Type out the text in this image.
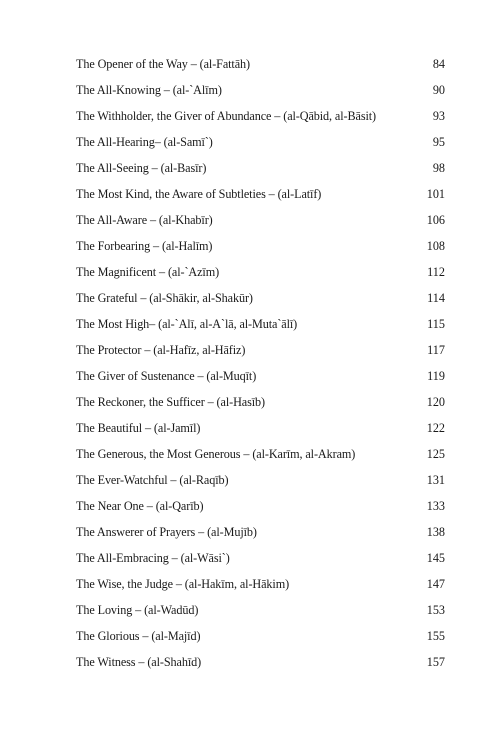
The Opener of the Way – (al-Fattāh)	84
The All-Knowing – (al-`Alīm)	90
The Withholder, the Giver of Abundance – (al-Qābid, al-Bāsit)	93
The All-Hearing– (al-Samī`)	95
The All-Seeing – (al-Basīr)	98
The Most Kind, the Aware of Subtleties – (al-Latīf)	101
The All-Aware – (al-Khabīr)	106
The Forbearing – (al-Halīm)	108
The Magnificent – (al-`Azīm)	112
The Grateful – (al-Shākir, al-Shakūr)	114
The Most High– (al-`Alī, al-A`lā, al-Muta`ālī)	115
The Protector – (al-Hafīz, al-Hāfiz)	117
The Giver of Sustenance – (al-Muqīt)	119
The Reckoner, the Sufficer – (al-Hasīb)	120
The Beautiful – (al-Jamīl)	122
The Generous, the Most Generous – (al-Karīm, al-Akram)	125
The Ever-Watchful – (al-Raqīb)	131
The Near One – (al-Qarīb)	133
The Answerer of Prayers – (al-Mujīb)	138
The All-Embracing – (al-Wāsi`)	145
The Wise, the Judge – (al-Hakīm, al-Hākim)	147
The Loving – (al-Wadūd)	153
The Glorious – (al-Majīd)	155
The Witness – (al-Shahīd)	157
